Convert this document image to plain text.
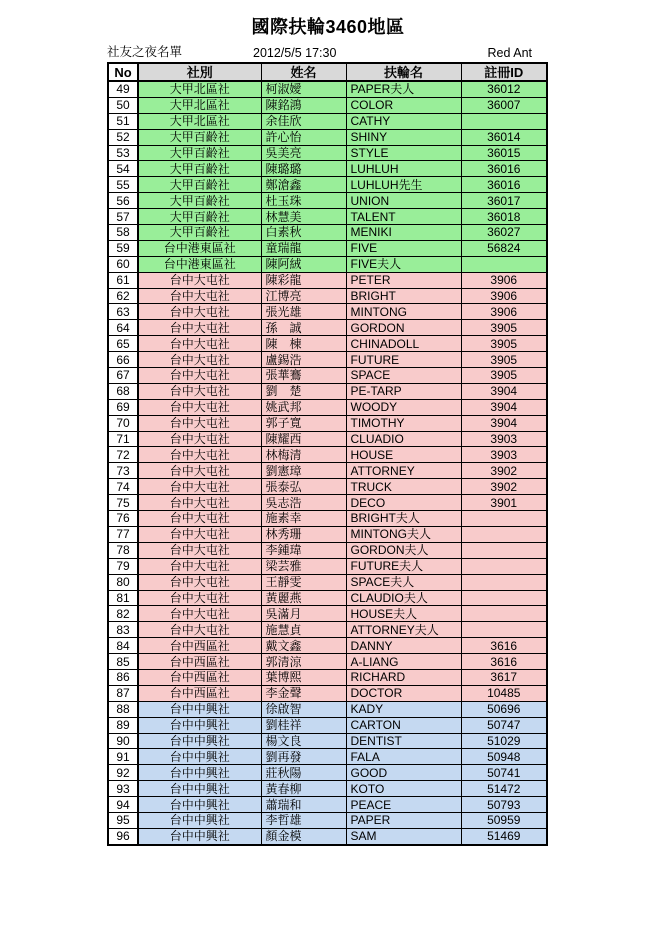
國際扶輪3460地區
社友之夜名單	2012/5/5 17:30	Red Ant
No	社別	姓名	扶輪名	註冊ID
49	大甲北區社	柯淑嬡	PAPER夫人	36012
50	大甲北區社	陳銘鴻	COLOR	36007
51	大甲北區社	余佳欣	CATHY	
52	大甲百齡社	許心怡	SHINY	36014
53	大甲百齡社	吳美亮	STYLE	36015
54	大甲百齡社	陳璐璐	LUHLUH	36016
55	大甲百齡社	鄭滄鑫	LUHLUH先生	36016
56	大甲百齡社	杜玉珠	UNION	36017
57	大甲百齡社	林慧美	TALENT	36018
58	大甲百齡社	白素秋	MENIKI	36027
59	台中港東區社	童瑞龍	FIVE	56824
60	台中港東區社	陳阿絨	FIVE夫人	
61	台中大屯社	陳彩龍	PETER	3906
62	台中大屯社	江博亮	BRIGHT	3906
63	台中大屯社	張光雄	MINTONG	3906
64	台中大屯社	孫　誠	GORDON	3905
65	台中大屯社	陳　棟	CHINADOLL	3905
66	台中大屯社	盧錫浩	FUTURE	3905
67	台中大屯社	張華鶱	SPACE	3905
68	台中大屯社	劉　楚	PE-TARP	3904
69	台中大屯社	姚武邦	WOODY	3904
70	台中大屯社	郭子寬	TIMOTHY	3904
71	台中大屯社	陳耀西	CLUADIO	3903
72	台中大屯社	林梅清	HOUSE	3903
73	台中大屯社	劉憲璋	ATTORNEY	3902
74	台中大屯社	張泰弘	TRUCK	3902
75	台中大屯社	吳志浩	DECO	3901
76	台中大屯社	施素幸	BRIGHT夫人	
77	台中大屯社	林秀珊	MINTONG夫人	
78	台中大屯社	李鍾瑋	GORDON夫人	
79	台中大屯社	梁芸雅	FUTURE夫人	
80	台中大屯社	王靜雯	SPACE夫人	
81	台中大屯社	黃麗燕	CLAUDIO夫人	
82	台中大屯社	吳滿月	HOUSE夫人	
83	台中大屯社	施慧貞	ATTORNEY夫人	
84	台中西區社	戴文鑫	DANNY	3616
85	台中西區社	郭清涼	A-LIANG	3616
86	台中西區社	葉博熙	RICHARD	3617
87	台中西區社	李金聲	DOCTOR	10485
88	台中中興社	徐啟智	KADY	50696
89	台中中興社	劉桂祥	CARTON	50747
90	台中中興社	楊文良	DENTIST	51029
91	台中中興社	劉再發	FALA	50948
92	台中中興社	莊秋陽	GOOD	50741
93	台中中興社	黃春柳	KOTO	51472
94	台中中興社	蕭瑞和	PEACE	50793
95	台中中興社	李哲雄	PAPER	50959
96	台中中興社	顏金模	SAM	51469
